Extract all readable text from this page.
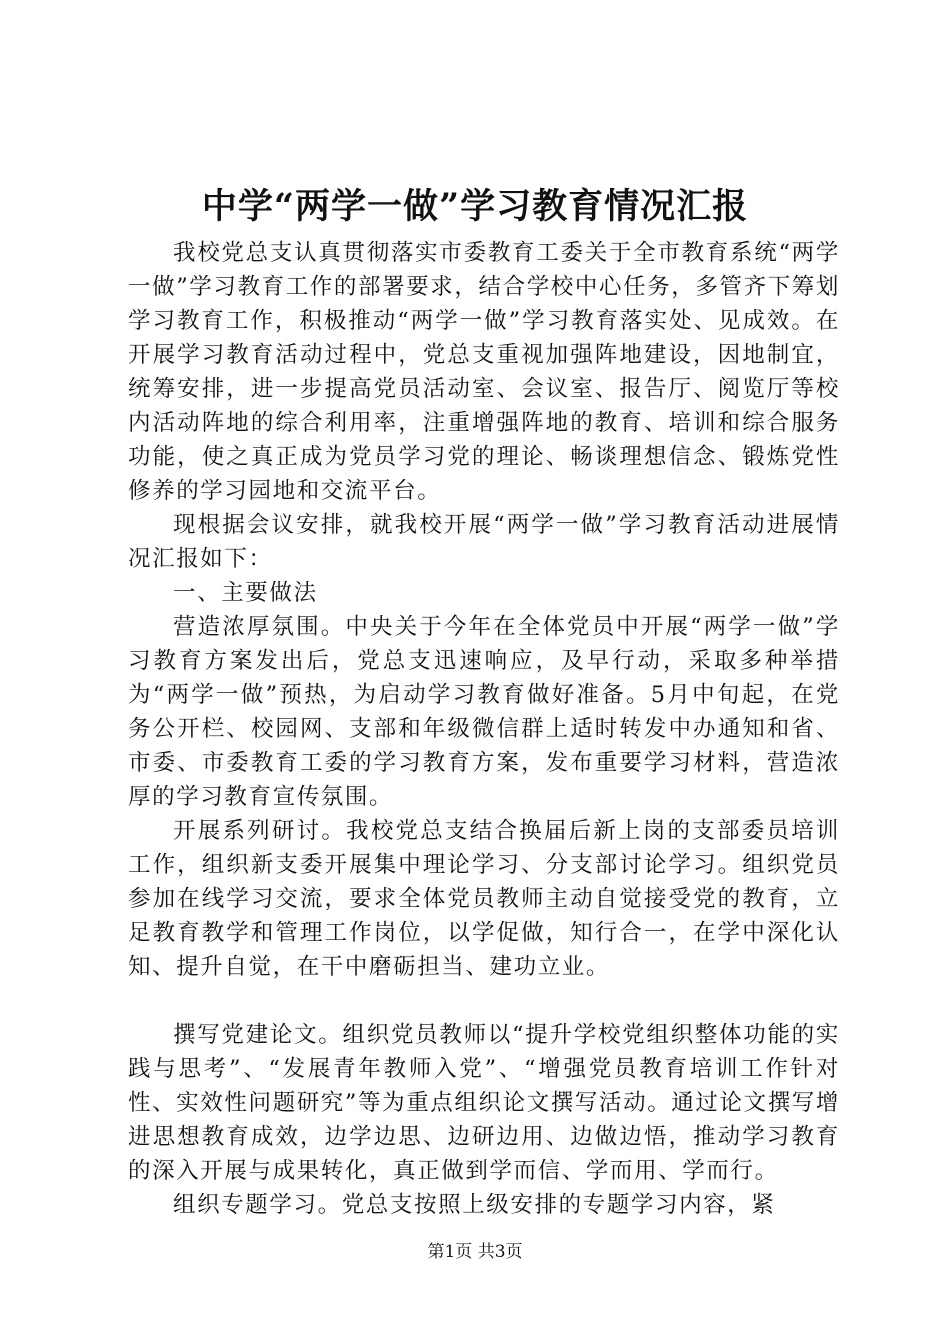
中学“两学一做”学习教育情况汇报

我校党总支认真贯彻落实市委教育工委关于全市教育系统“两学一做”学习教育工作的部署要求，结合学校中心任务，多管齐下筹划学习教育工作，积极推动“两学一做”学习教育落实处、见成效。在开展学习教育活动过程中，党总支重视加强阵地建设，因地制宜，统筹安排，进一步提高党员活动室、会议室、报告厅、阅览厅等校内活动阵地的综合利用率，注重增强阵地的教育、培训和综合服务功能，使之真正成为党员学习党的理论、畅谈理想信念、锻炼党性修养的学习园地和交流平台。

现根据会议安排，就我校开展“两学一做”学习教育活动进展情况汇报如下：

一、主要做法

营造浓厚氛围。中央关于今年在全体党员中开展“两学一做”学习教育方案发出后，党总支迅速响应，及早行动，采取多种举措为“两学一做”预热，为启动学习教育做好准备。5月中旬起，在党务公开栏、校园网、支部和年级微信群上适时转发中办通知和省、市委、市委教育工委的学习教育方案，发布重要学习材料，营造浓厚的学习教育宣传氛围。

开展系列研讨。我校党总支结合换届后新上岗的支部委员培训工作，组织新支委开展集中理论学习、分支部讨论学习。组织党员参加在线学习交流，要求全体党员教师主动自觉接受党的教育，立足教育教学和管理工作岗位，以学促做，知行合一，在学中深化认知、提升自觉，在干中磨砺担当、建功立业。

撰写党建论文。组织党员教师以“提升学校党组织整体功能的实践与思考”、“发展青年教师入党”、“增强党员教育培训工作针对性、实效性问题研究”等为重点组织论文撰写活动。通过论文撰写增进思想教育成效，边学边思、边研边用、边做边悟，推动学习教育的深入开展与成果转化，真正做到学而信、学而用、学而行。

组织专题学习。党总支按照上级安排的专题学习内容，紧

第1页 共3页
